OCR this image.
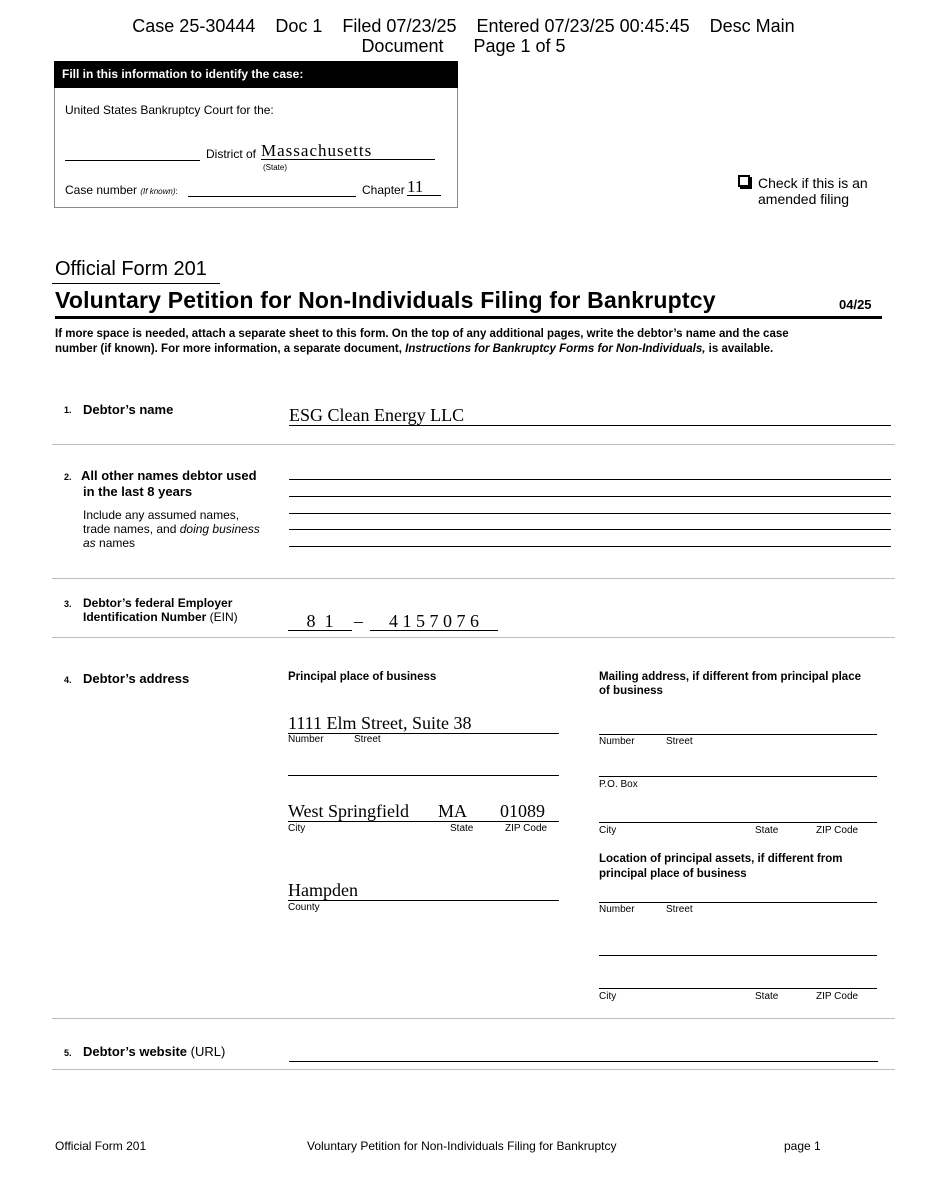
Case 25-30444    Doc 1    Filed 07/23/25    Entered 07/23/25 00:45:45    Desc Main
Document      Page 1 of 5
Fill in this information to identify the case:
United States Bankruptcy Court for the:
District of Massachusetts
(State)
Case number (If known):	Chapter 11	Check if this is an
amended filing
Official Form 201
Voluntary Petition for Non-Individuals Filing for Bankruptcy	04/25
If more space is needed, attach a separate sheet to this form. On the top of any additional pages, write the debtor’s name and the case
number (if known). For more information, a separate document, Instructions for Bankruptcy Forms for Non-Individuals, is available.
1. Debtor’s name	ESG Clean Energy LLC
2. All other names debtor used
in the last 8 years
Include any assumed names,
trade names, and doing business
as names
3. Debtor’s federal Employer
Identification Number (EIN)	8  1	–	4 1 5 7 0 7 6
4. Debtor’s address	Principal place of business
1111 Elm Street, Suite 38
Number	Street
West Springfield	MA 01089
City	State	ZIP Code
Hampden
County
Mailing address, if different from principal place
of business
Number	Street
P.O. Box
City	State	ZIP Code
Location of principal assets, if different from
principal place of business
Number	Street
City	State	ZIP Code
5. Debtor’s website (URL)
Official Form 201	Voluntary Petition for Non-Individuals Filing for Bankruptcy	page 1
